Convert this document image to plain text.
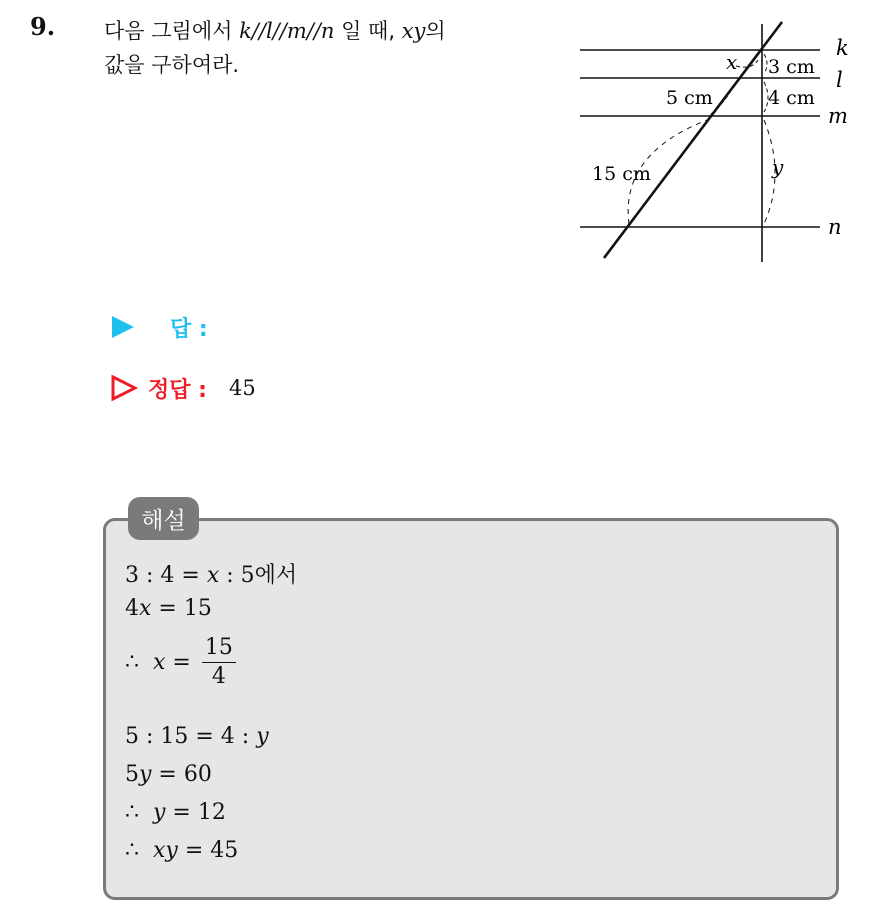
9. 다음 그림에서 k//l//m//n 일 때, xy의
값을 구하여라.
k
l
m
n
x 3 cm
4 cm
5 cm
15 cm	y
답 :
정답 : 45
해설
3 : 4 = x : 5에서
4x = 15
∴ $x = \frac{15}{4}$
5 : 15 = 4 : y
5y = 60
∴  y = 12
∴  xy = 45
